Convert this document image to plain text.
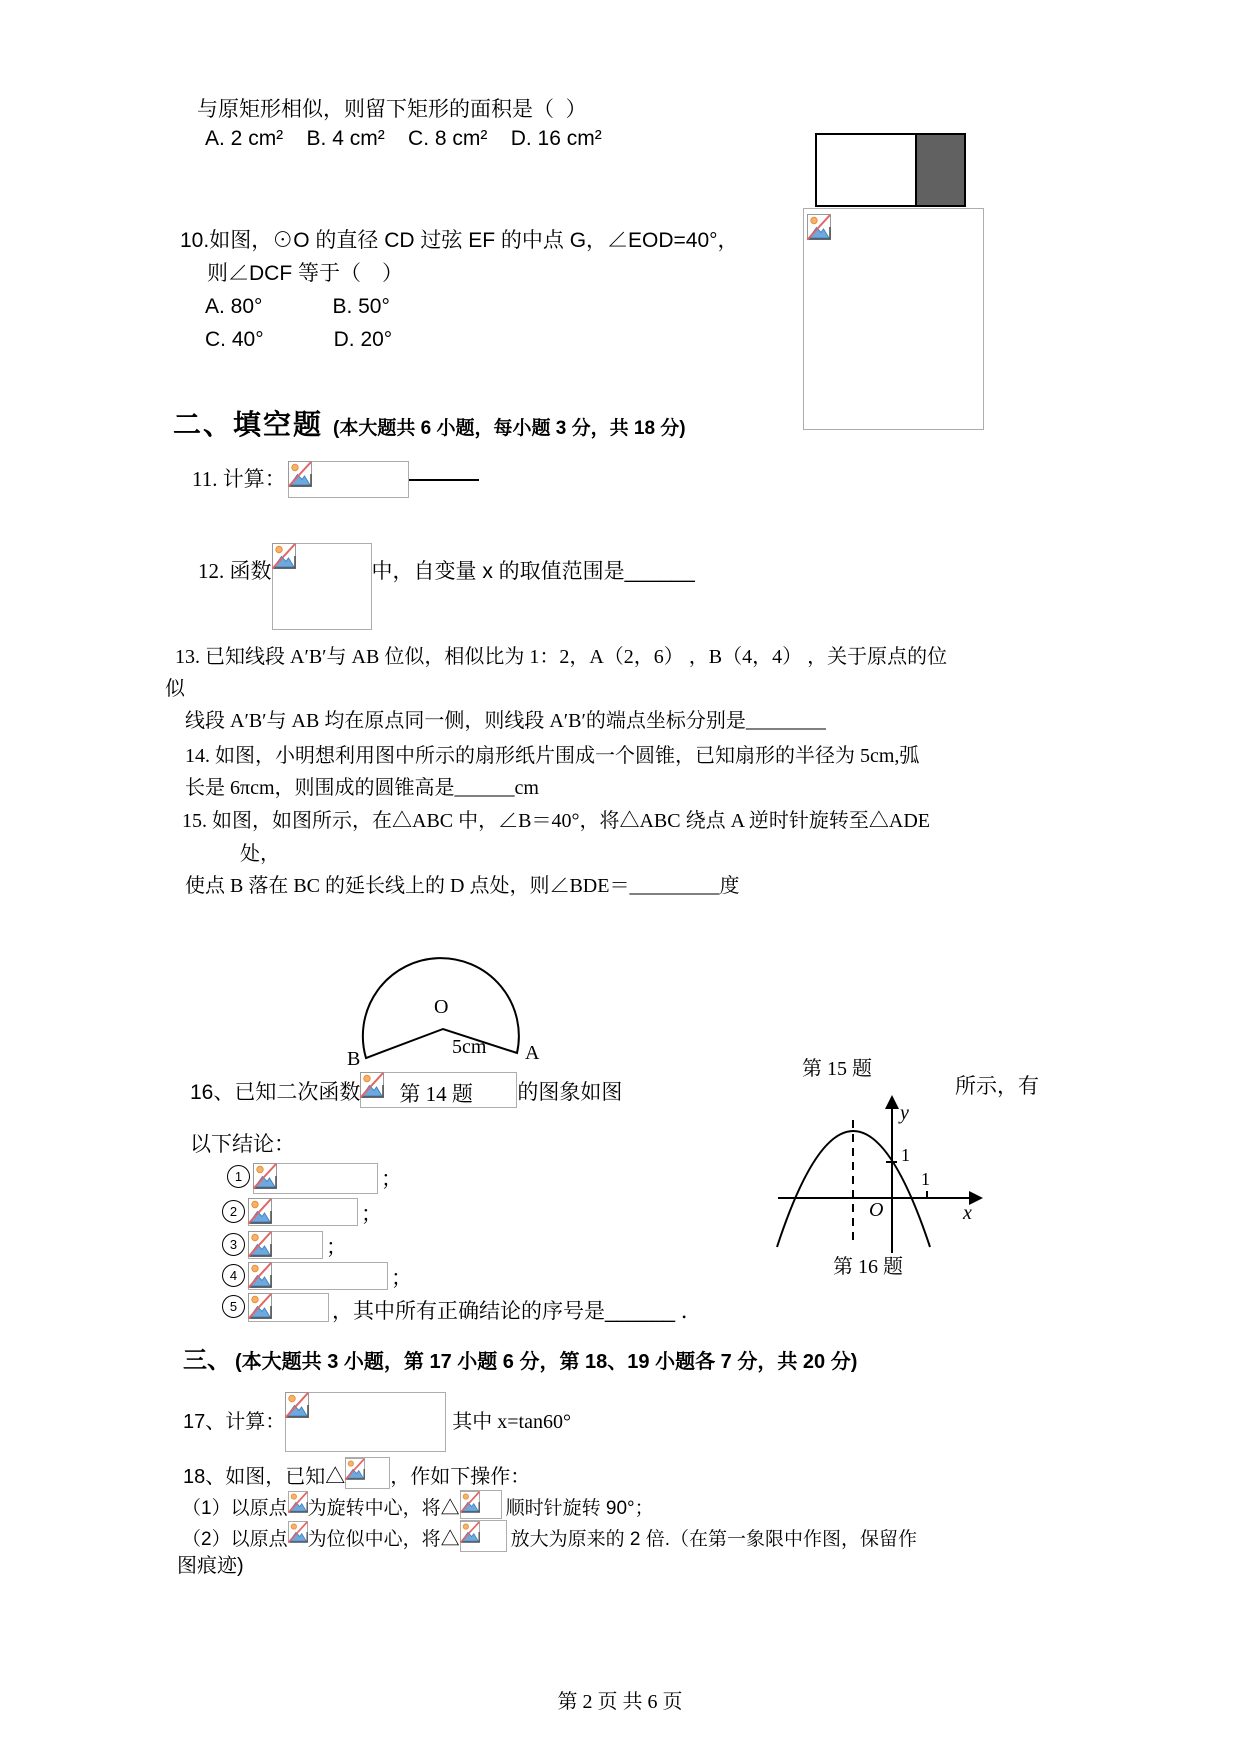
与原矩形相似，则留下矩形的面积是（  ）
A. 2 cm²    B. 4 cm²    C. 8 cm²    D. 16 cm²
10.如图，⊙O 的直径 CD 过弦 EF 的中点 G，∠EOD=40°，
则∠DCF 等于（　）
A. 80°            B. 50°
C. 40°            D. 20°
二、填空题 (本大题共 6 小题，每小题 3 分，共 18 分)
11. 计算：

12. 函数

	中，自变量 x 的取值范围是______
13. 已知线段 A′B′与 AB 位似，相似比为 1：2，A（2，6） ，B（4，4） ，关于原点的位
似
线段 A′B′与 AB 均在原点同一侧，则线段 A′B′的端点坐标分别是________
14. 如图，小明想利用图中所示的扇形纸片围成一个圆锥，已知扇形的半径为 5cm,弧
长是 6πcm，则围成的圆锥高是______cm
15. 如图，如图所示，在△ABC 中，∠B＝40°，将△ABC 绕点 A 逆时针旋转至△ADE
处，
使点 B 落在 BC 的延长线上的 D 点处，则∠BDE＝_________度
O
B	A
5cm
16、已知二次函数

第 14 题

的图象如图
第 15 题
所示，有
以下结论：
1	；
2	；
3	；
4	；
5	，其中所有正确结论的序号是______ ．
y
x
O
1
1
第 16 题
三、 (本大题共 3 小题，第 17 小题 6 分，第 18、19 小题各 7 分，共 20 分)
17、计算：

	其中 x=tan60°
18、如图，已知△

，作如下操作：
（1）以原点 为旋转中心，将△

顺时针旋转 90°；
（2）以原点 为位似中心，将△

	放大为原来的 2 倍.（在第一象限中作图，保留作
图痕迹)
第 2 页 共 6 页
